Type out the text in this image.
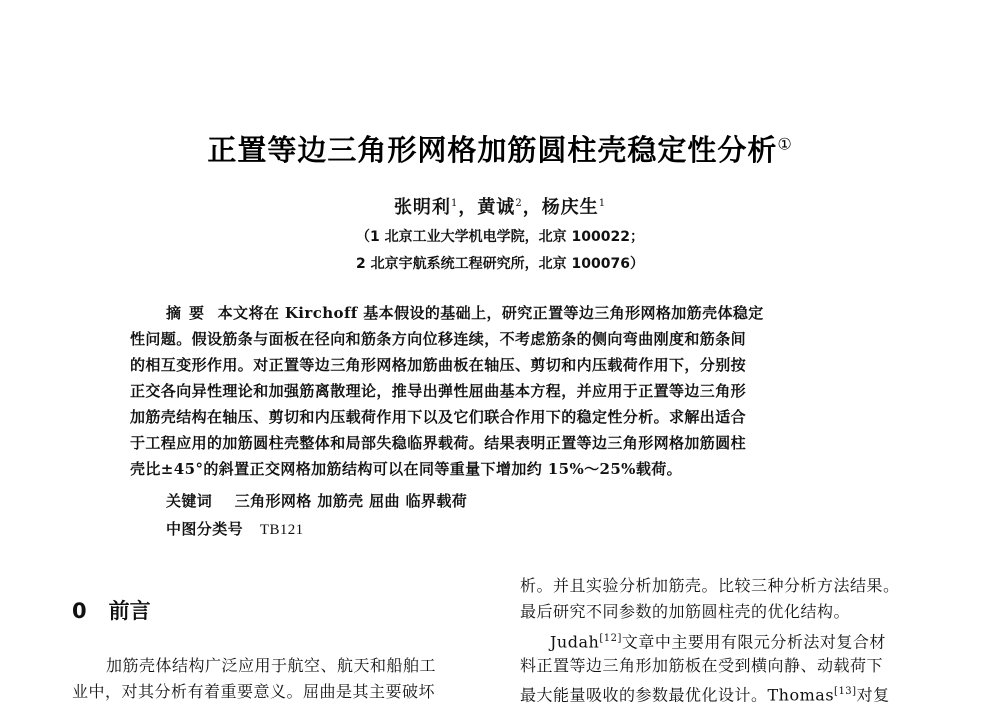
正置等边三角形网格加筋圆柱壳稳定性分析①
张明利$^1$，黄诚$^2$，杨庆生$^1$
（1 北京工业大学机电学院，北京 100022；
2 北京宇航系统工程研究所，北京 100076）
摘要 本文将在 Kirchoff 基本假设的基础上，研究正置等边三角形网格加筋壳体稳定
性问题。假设筋条与面板在径向和筋条方向位移连续，不考虑筋条的侧向弯曲刚度和筋条间
的相互变形作用。对正置等边三角形网格加筋曲板在轴压、剪切和内压载荷作用下，分别按
正交各向异性理论和加强筋离散理论，推导出弹性屈曲基本方程，并应用于正置等边三角形
加筋壳结构在轴压、剪切和内压载荷作用下以及它们联合作用下的稳定性分析。求解出适合
于工程应用的加筋圆柱壳整体和局部失稳临界载荷。结果表明正置等边三角形网格加筋圆柱
壳比±45°的斜置正交网格加筋结构可以在同等重量下增加约 15%～25%载荷。
关键词 三角形网格 加筋壳 屈曲 临界载荷
中图分类号 TB121
0 前言
加筋壳体结构广泛应用于航空、航天和船舶工
业中，对其分析有着重要意义。屈曲是其主要破坏
析。并且实验分析加筋壳。比较三种分析方法结果。
最后研究不同参数的加筋圆柱壳的优化结构。
Judah[12]文章中主要用有限元分析法对复合材
料正置等边三角形加筋板在受到横向静、动载荷下
最大能量吸收的参数最优化设计。Thomas[13]对复
